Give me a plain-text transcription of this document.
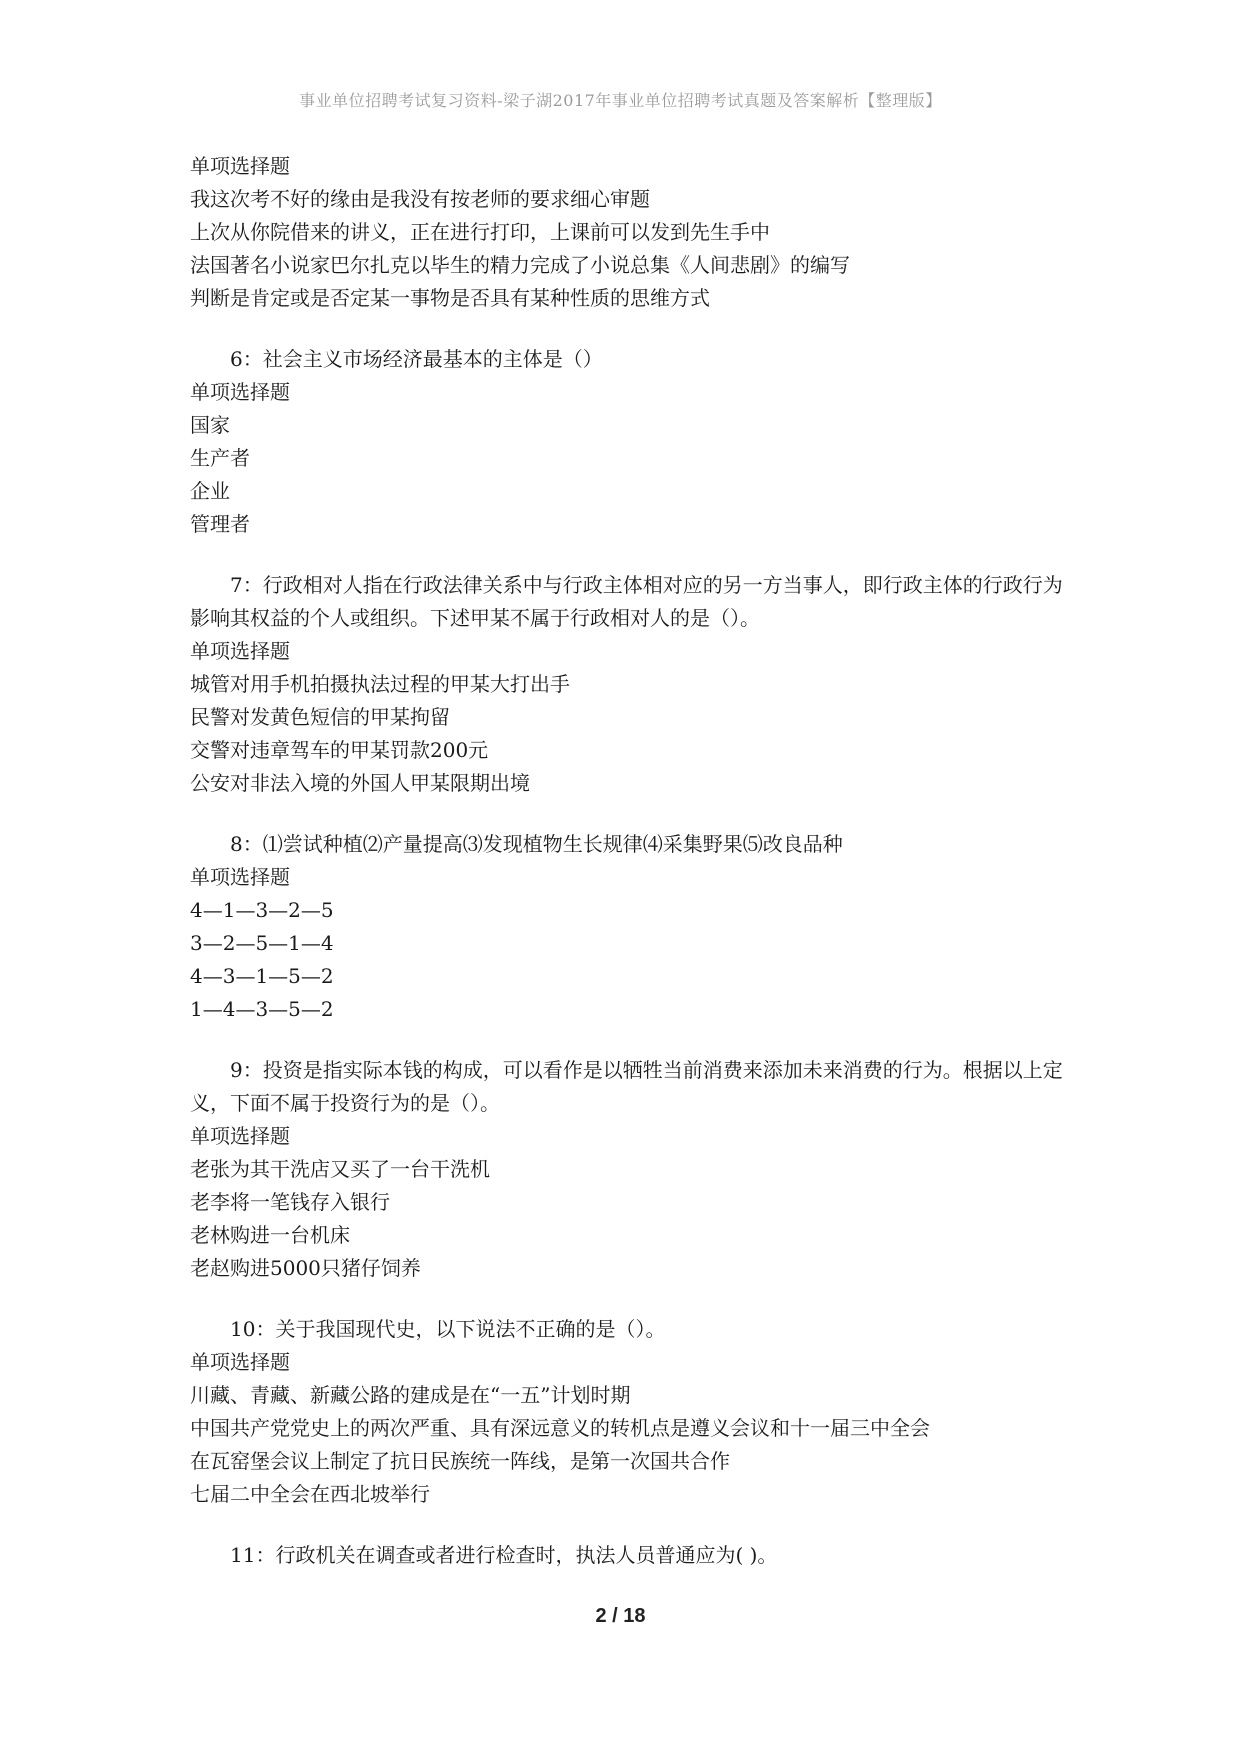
事业单位招聘考试复习资料-梁子湖2017年事业单位招聘考试真题及答案解析【整理版】
单项选择题
我这次考不好的缘由是我没有按老师的要求细心审题
上次从你院借来的讲义，正在进行打印，上课前可以发到先生手中
法国著名小说家巴尔扎克以毕生的精力完成了小说总集《人间悲剧》的编写
判断是肯定或是否定某一事物是否具有某种性质的思维方式
6：社会主义市场经济最基本的主体是（）
单项选择题
国家
生产者
企业
管理者
7：行政相对人指在行政法律关系中与行政主体相对应的另一方当事人，即行政主体的行政行为影响其权益的个人或组织。下述甲某不属于行政相对人的是（）。
单项选择题
城管对用手机拍摄执法过程的甲某大打出手
民警对发黄色短信的甲某拘留
交警对违章驾车的甲某罚款200元
公安对非法入境的外国人甲某限期出境
8：⑴尝试种植⑵产量提高⑶发现植物生长规律⑷采集野果⑸改良品种
单项选择题
4—1—3—2—5
3—2—5—1—4
4—3—1—5—2
1—4—3—5—2
9：投资是指实际本钱的构成，可以看作是以牺牲当前消费来添加未来消费的行为。根据以上定义，下面不属于投资行为的是（）。
单项选择题
老张为其干洗店又买了一台干洗机
老李将一笔钱存入银行
老林购进一台机床
老赵购进5000只猪仔饲养
10：关于我国现代史，以下说法不正确的是（）。
单项选择题
川藏、青藏、新藏公路的建成是在“一五”计划时期
中国共产党党史上的两次严重、具有深远意义的转机点是遵义会议和十一届三中全会
在瓦窑堡会议上制定了抗日民族统一阵线，是第一次国共合作
七届二中全会在西北坡举行
11：行政机关在调查或者进行检查时，执法人员普通应为( )。
2 / 18
